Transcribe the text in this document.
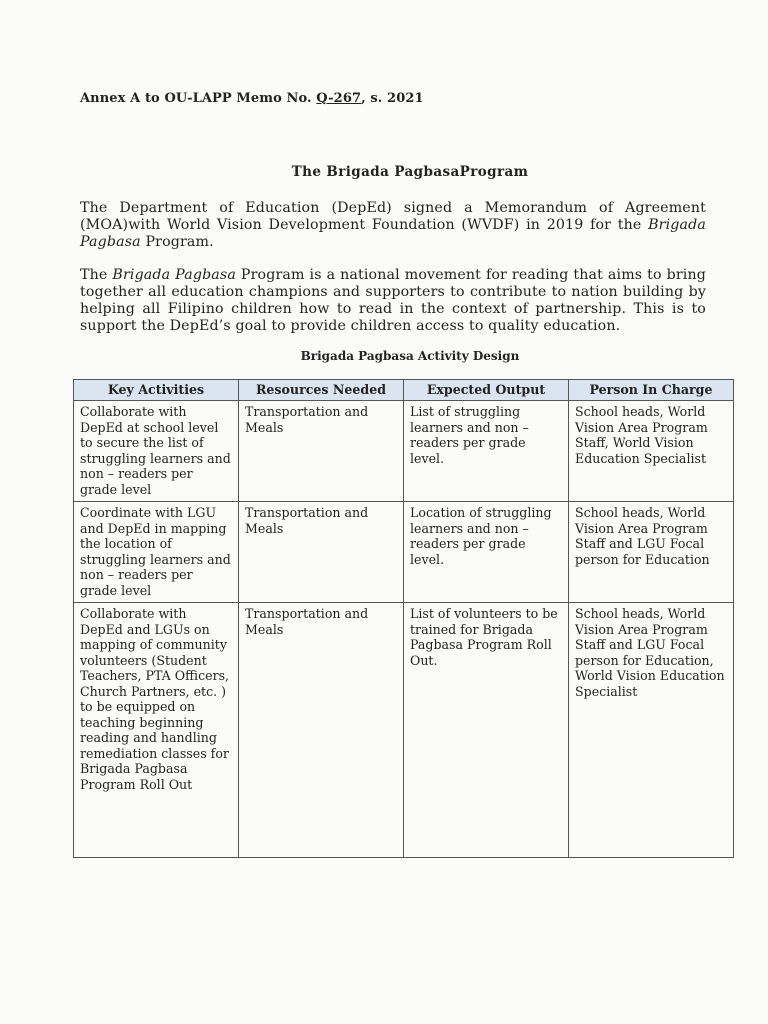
Annex A to OU-LAPP Memo No. Q-267, s. 2021
The Brigada PagbasaProgram
The Department of Education (DepEd) signed a Memorandum of Agreement (MOA)with World Vision Development Foundation (WVDF) in 2019 for the Brigada Pagbasa Program.
The Brigada Pagbasa Program is a national movement for reading that aims to bring together all education champions and supporters to contribute to nation building by helping all Filipino children how to read in the context of partnership. This is to support the DepEd’s goal to provide children access to quality education.
Brigada Pagbasa Activity Design
Key Activities	Resources Needed	Expected Output	Person In Charge
Collaborate with DepEd at school level to secure the list of struggling learners and non – readers per grade level	Transportation and Meals	List of struggling learners and non – readers per grade level.	School heads, World Vision Area Program Staff, World Vision Education Specialist
Coordinate with LGU and DepEd in mapping the location of struggling learners and non – readers per grade level	Transportation and Meals	Location of struggling learners and non – readers per grade level.	School heads, World Vision Area Program Staff and LGU Focal person for Education
Collaborate with DepEd and LGUs on mapping of community volunteers (Student Teachers, PTA Officers, Church Partners, etc. ) to be equipped on teaching beginning reading and handling remediation classes for Brigada Pagbasa Program Roll Out	Transportation and Meals	List of volunteers to be trained for Brigada Pagbasa Program Roll Out.	School heads, World Vision Area Program Staff and LGU Focal person for Education, World Vision Education Specialist
